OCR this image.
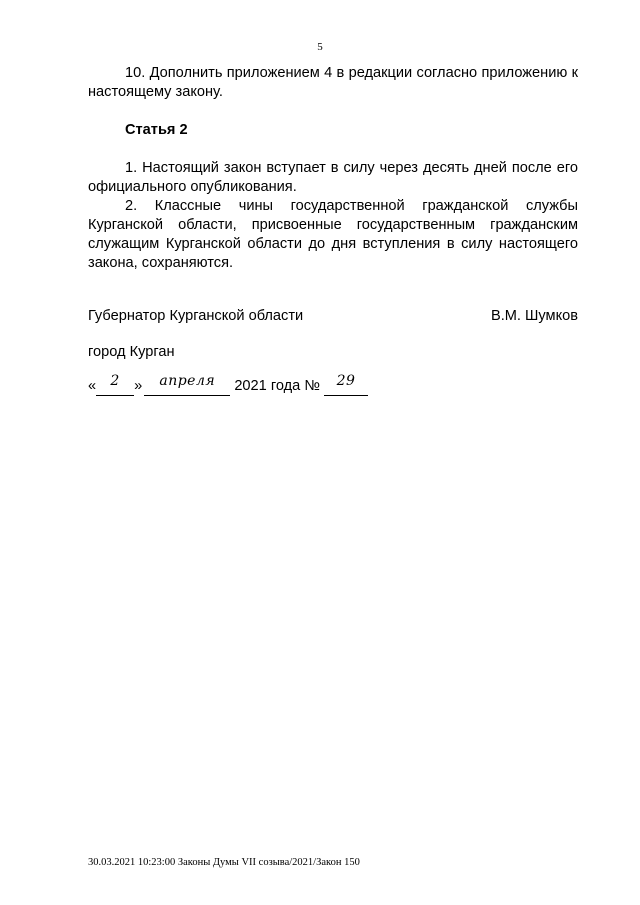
5

10. Дополнить приложением 4 в редакции согласно приложению к настоящему закону.

Статья 2

1. Настоящий закон вступает в силу через десять дней после его официального опубликования.

2. Классные чины государственной гражданской службы Курганской области, присвоенные государственным гражданским служащим Курганской области до дня вступления в силу настоящего закона, сохраняются.

Губернатор Курганской области	В.М. Шумков
город Курган
« 2 » апреля 2021 года № 29
30.03.2021 10:23:00 Законы Думы VII созыва/2021/Закон 150
